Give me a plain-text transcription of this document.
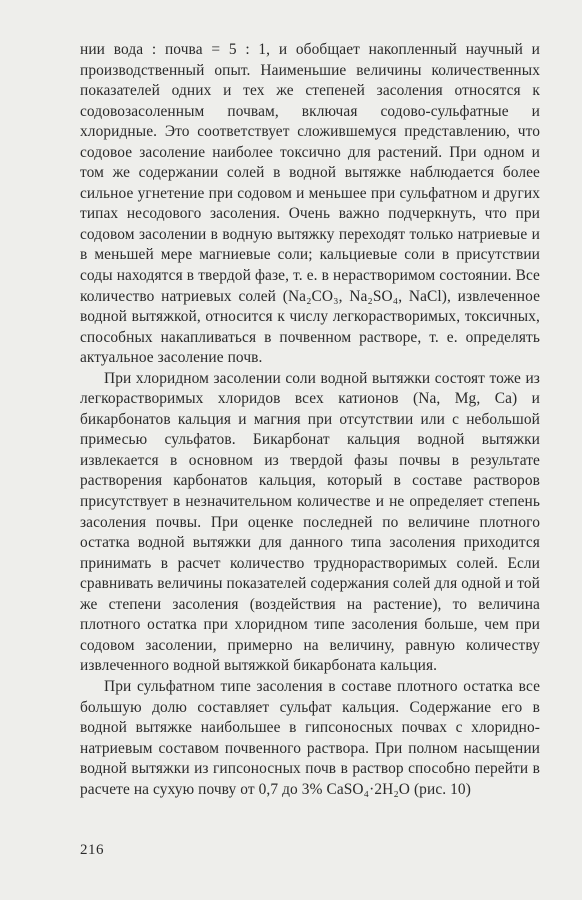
нии вода : почва = 5 : 1, и обобщает накопленный научный и производственный опыт. Наименьшие величины количественных показателей одних и тех же степеней засоления относятся к содовозасоленным почвам, включая содово-сульфатные и хлоридные. Это соответствует сложившемуся представлению, что содовое засоление наиболее токсично для растений. При одном и том же содержании солей в водной вытяжке наблюдается более сильное угнетение при содовом и меньшее при сульфатном и других типах несодового засоления. Очень важно подчеркнуть, что при содовом засолении в водную вытяжку переходят только натриевые и в меньшей мере магниевые соли; кальциевые соли в присутствии соды находятся в твердой фазе, т. е. в нерастворимом состоянии. Все количество натриевых солей (Na₂CO₃, Na₂SO₄, NaCl), извлеченное водной вытяжкой, относится к числу легкорастворимых, токсичных, способных накапливаться в почвенном растворе, т. е. определять актуальное засоление почв.

При хлоридном засолении соли водной вытяжки состоят тоже из легкорастворимых хлоридов всех катионов (Na, Mg, Ca) и бикарбонатов кальция и магния при отсутствии или с небольшой примесью сульфатов. Бикарбонат кальция водной вытяжки извлекается в основном из твердой фазы почвы в результате растворения карбонатов кальция, который в составе растворов присутствует в незначительном количестве и не определяет степень засоления почвы. При оценке последней по величине плотного остатка водной вытяжки для данного типа засоления приходится принимать в расчет количество труднорастворимых солей. Если сравнивать величины показателей содержания солей для одной и той же степени засоления (воздействия на растение), то величина плотного остатка при хлоридном типе засоления больше, чем при содовом засолении, примерно на величину, равную количеству извлеченного водной вытяжкой бикарбоната кальция.

При сульфатном типе засоления в составе плотного остатка все большую долю составляет сульфат кальция. Содержание его в водной вытяжке наибольшее в гипсоносных почвах с хлоридно-натриевым составом почвенного раствора. При полном насыщении водной вытяжки из гипсоносных почв в раствор способно перейти в расчете на сухую почву от 0,7 до 3% CaSO₄·2H₂O (рис. 10)

216
